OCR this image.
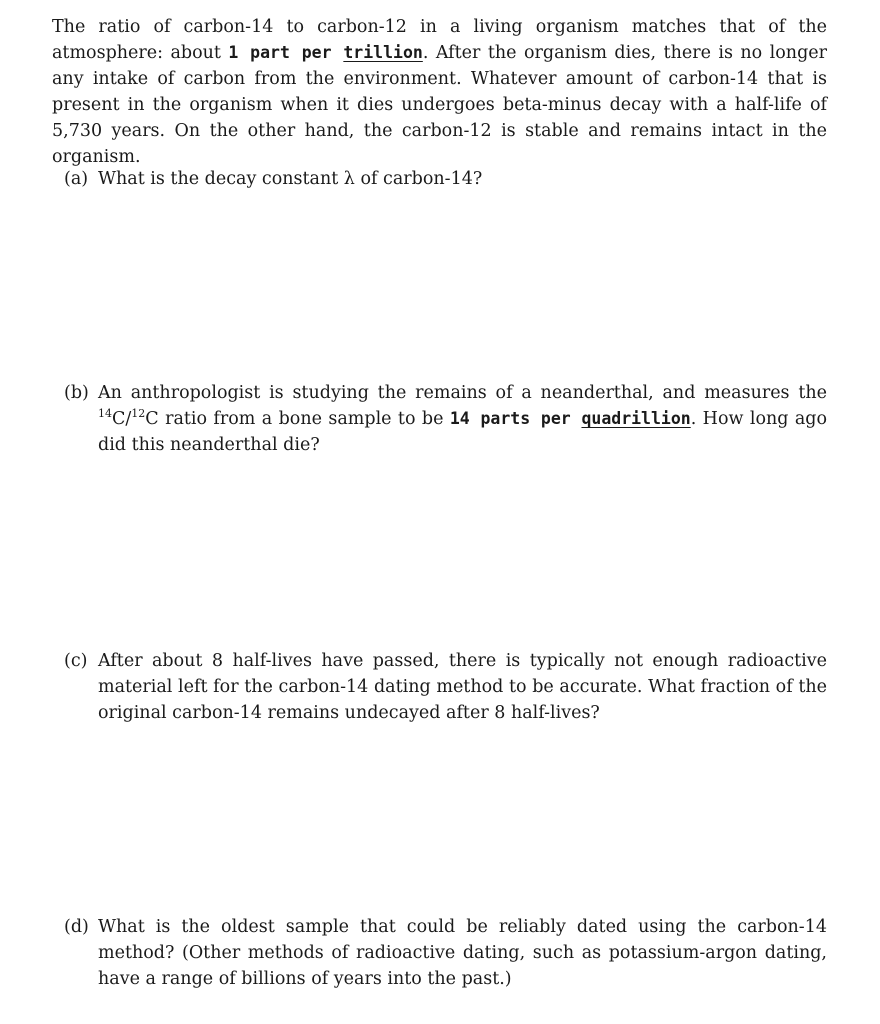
The ratio of carbon-14 to carbon-12 in a living organism matches that of the atmosphere: about 1 part per trillion. After the organism dies, there is no longer any intake of carbon from the environment. Whatever amount of carbon-14 that is present in the organism when it dies undergoes beta-minus decay with a half-life of 5,730 years. On the other hand, the carbon-12 is stable and remains intact in the organism.

(a) What is the decay constant λ of carbon-14?
(b) An anthropologist is studying the remains of a neanderthal, and measures the $^{14}$C/$^{12}$C ratio from a bone sample to be 14 parts per quadrillion. How long ago did this neanderthal die?
(c) After about 8 half-lives have passed, there is typically not enough radioactive material left for the carbon-14 dating method to be accurate. What fraction of the original carbon-14 remains undecayed after 8 half-lives?
(d) What is the oldest sample that could be reliably dated using the carbon-14 method? (Other methods of radioactive dating, such as potassium-argon dating, have a range of billions of years into the past.)
